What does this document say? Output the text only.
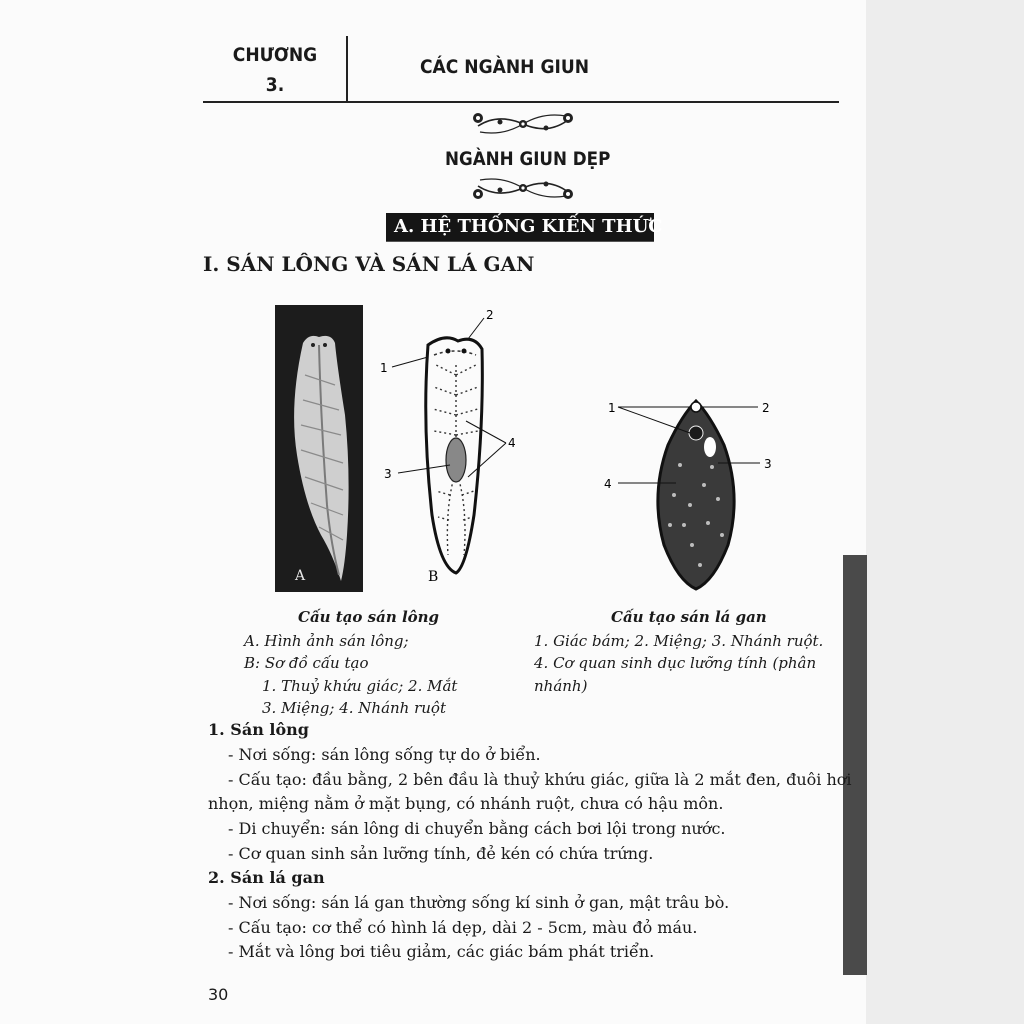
CHƯƠNG
3.
CÁC NGÀNH GIUN
NGÀNH GIUN DẸP
A. HỆ THỐNG KIẾN THỨC
I. SÁN LÔNG VÀ SÁN LÁ GAN
A
2
1
3
4
B
1	2
3
4
Cấu tạo sán lông
A. Hình ảnh sán lông;
B: Sơ đồ cấu tạo
1. Thuỷ khứu giác; 2. Mắt
3. Miệng; 4. Nhánh ruột
Cấu tạo sán lá gan
1. Giác bám; 2. Miệng; 3. Nhánh ruột.
4. Cơ quan sinh dục lưỡng tính (phân
nhánh)
1. Sán lông
- Nơi sống: sán lông sống tự do ở biển.
- Cấu tạo: đầu bằng, 2 bên đầu là thuỷ khứu giác, giữa là 2 mắt đen, đuôi hơi
nhọn, miệng nằm ở mặt bụng, có nhánh ruột, chưa có hậu môn.
- Di chuyển: sán lông di chuyển bằng cách bơi lội trong nước.
- Cơ quan sinh sản lưỡng tính, đẻ kén có chứa trứng.
2. Sán lá gan
- Nơi sống: sán lá gan thường sống kí sinh ở gan, mật trâu bò.
- Cấu tạo: cơ thể có hình lá dẹp, dài 2 - 5cm, màu đỏ máu.
- Mắt và lông bơi tiêu giảm, các giác bám phát triển.
30
